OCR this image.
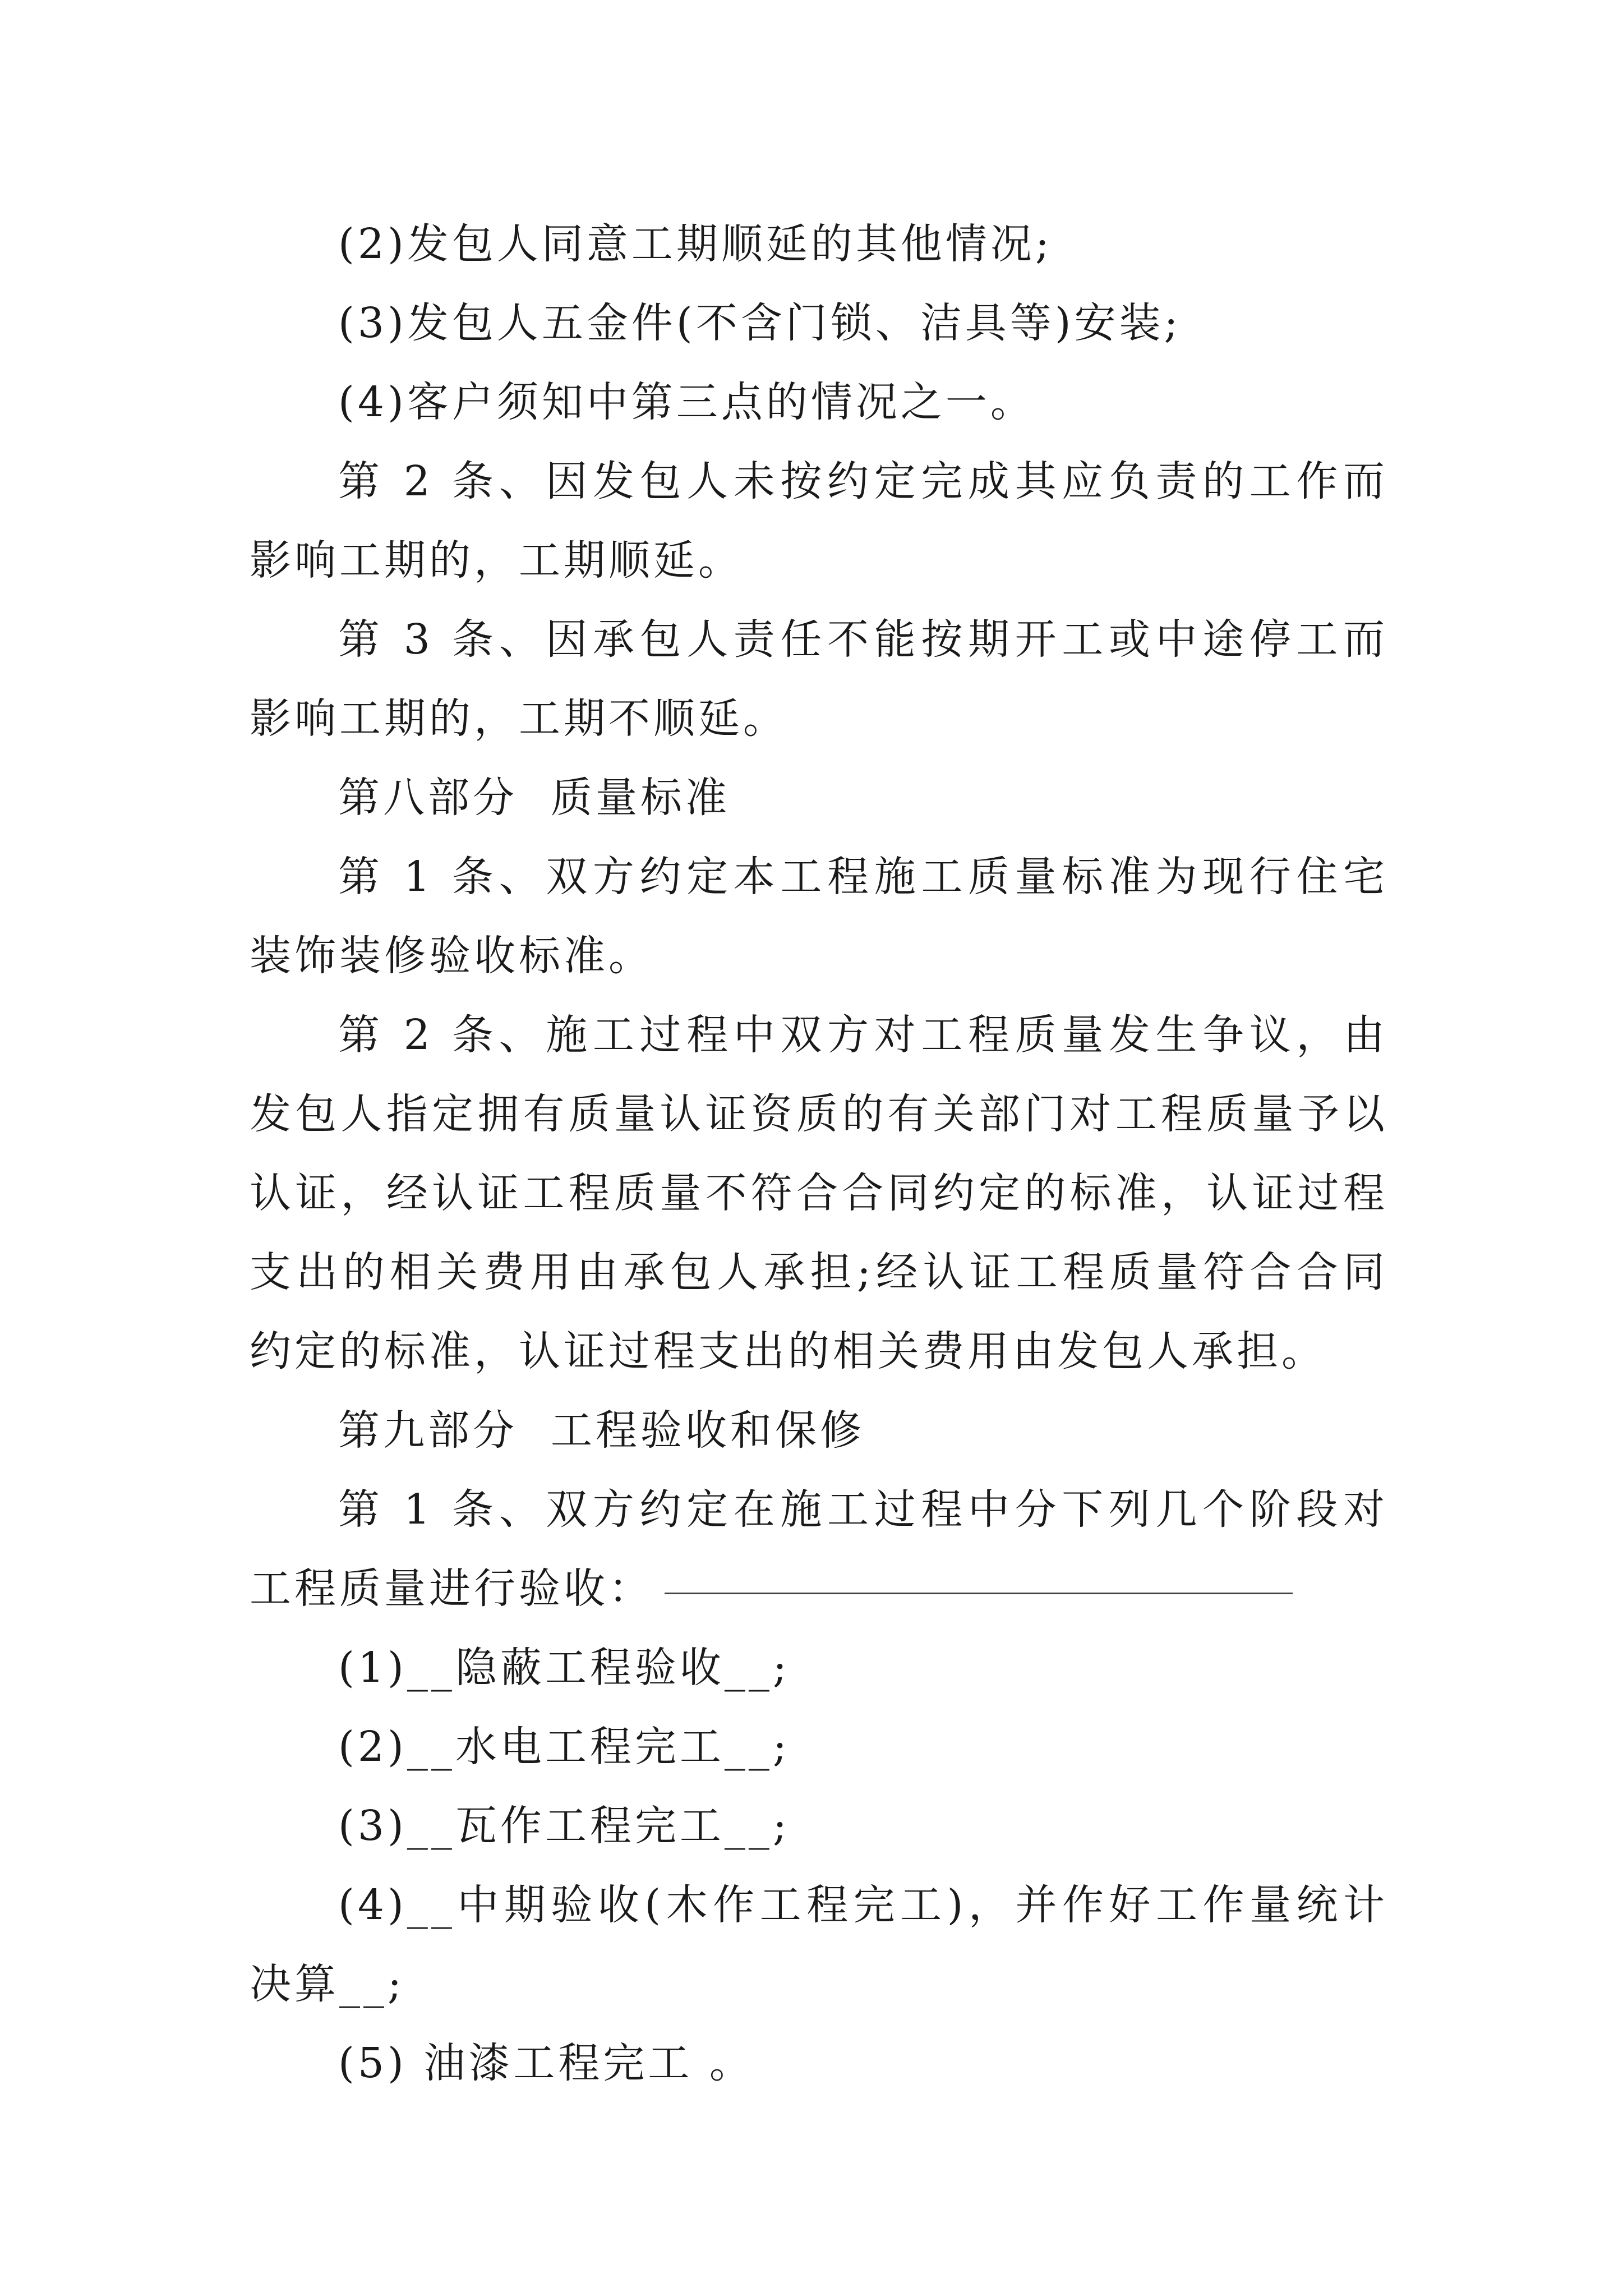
(2)发包人同意工期顺延的其他情况;

(3)发包人五金件(不含门锁、洁具等)安装;

(4)客户须知中第三点的情况之一。

第 2 条、因发包人未按约定完成其应负责的工作而影响工期的，工期顺延。

第 3 条、因承包人责任不能按期开工或中途停工而影响工期的，工期不顺延。

第八部分  质量标准

第 1 条、双方约定本工程施工质量标准为现行住宅装饰装修验收标准。

第 2 条、施工过程中双方对工程质量发生争议，由发包人指定拥有质量认证资质的有关部门对工程质量予以认证，经认证工程质量不符合合同约定的标准，认证过程支出的相关费用由承包人承担;经认证工程质量符合合同约定的标准，认证过程支出的相关费用由发包人承担。

第九部分  工程验收和保修

第 1 条、双方约定在施工过程中分下列几个阶段对工程质量进行验收：

(1)__隐蔽工程验收__;

(2)__水电工程完工__;

(3)__瓦作工程完工__;

(4)__中期验收(木作工程完工)，并作好工作量统计决算__;

(5) 油漆工程完工 。
